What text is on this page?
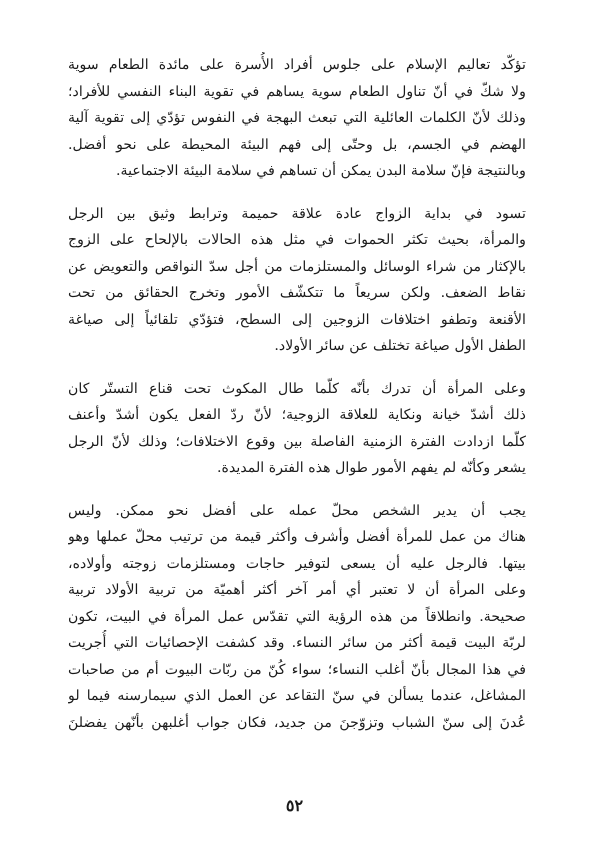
تؤكّد تعاليم الإسلام على جلوس أفراد الأُسرة على مائدة الطعام سوية
ولا شكّ في أنّ تناول الطعام سوية يساهم في تقوية البناء النفسي للأفراد؛
وذلك لأنّ الكلمات العائلية التي تبعث البهجة في النفوس تؤدّي إلى تقوية آلية
الهضم في الجسم، بل وحتّى إلى فهم البيئة المحيطة على نحو أفضل.
وبالنتيجة فإنّ سلامة البدن يمكن أن تساهم في سلامة البيئة الاجتماعية.
تسود في بداية الزواج عادة علاقة حميمة وترابط وثيق بين الرجل
والمرأة، بحيث تكثر الحموات في مثل هذه الحالات بالإلحاح على الزوج
بالإكثار من شراء الوسائل والمستلزمات من أجل سدّ النواقص والتعويض عن
نقاط الضعف. ولكن سريعاً ما تتكشّف الأمور وتخرج الحقائق من تحت
الأقنعة وتطفو اختلافات الزوجين إلى السطح، فتؤدّي تلقائياً إلى صياغة
الطفل الأول صياغة تختلف عن سائر الأولاد.
وعلى المرأة أن تدرك بأنّه كلّما طال المكوث تحت قناع التستّر كان
ذلك أشدّ خيانة ونكاية للعلاقة الزوجية؛ لأنّ ردّ الفعل يكون أشدّ وأعنف
كلّما ازدادت الفترة الزمنية الفاصلة بين وقوع الاختلافات؛ وذلك لأنّ الرجل
يشعر وكأنّه لم يفهم الأمور طوال هذه الفترة المديدة.
يجب أن يدير الشخص محلّ عمله على أفضل نحو ممكن. وليس
هناك من عمل للمرأة أفضل وأشرف وأكثر قيمة من ترتيب محلّ عملها وهو
بيتها. فالرجل عليه أن يسعى لتوفير حاجات ومستلزمات زوجته وأولاده،
وعلى المرأة أن لا تعتبر أي أمر آخر أكثر أهميّة من تربية الأولاد تربية
صحيحة. وانطلاقاً من هذه الرؤية التي تقدّس عمل المرأة في البيت، تكون
لربّة البيت قيمة أكثر من سائر النساء. وقد كشفت الإحصائيات التي أُجريت
في هذا المجال بأنّ أغلب النساء؛ سواء كُنّ من ربّات البيوت أم من صاحبات
المشاغل، عندما يسألن في سنّ التقاعد عن العمل الذي سيمارسنه فيما لو
عُدنَ إلى سنّ الشباب وتزوّجنَ من جديد، فكان جواب أغلبهن بأنّهن يفضلنَ
٥٢
